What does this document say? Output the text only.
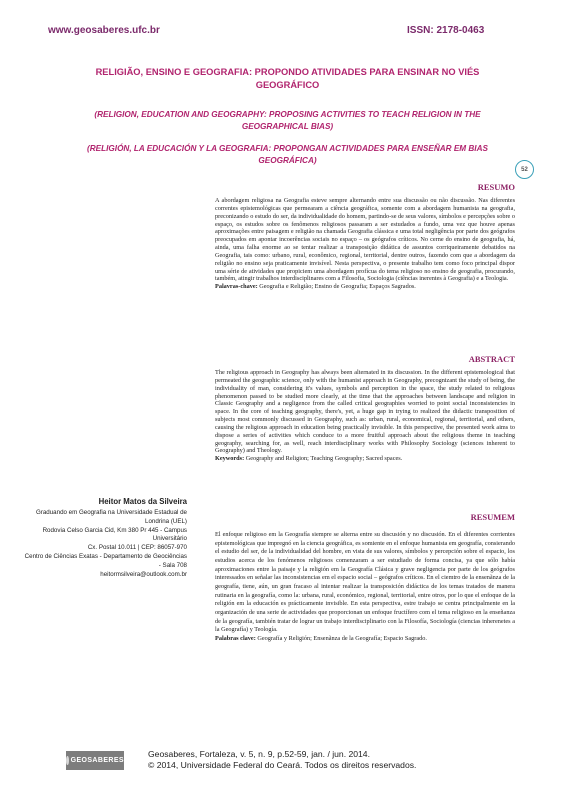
www.geosaberes.ufc.br	ISSN: 2178-0463
RELIGIÃO, ENSINO E GEOGRAFIA: PROPONDO ATIVIDADES PARA ENSINAR NO VIÉS GEOGRÁFICO
(RELIGION, EDUCATION AND GEOGRAPHY: PROPOSING ACTIVITIES TO TEACH RELIGION IN THE GEOGRAPHICAL BIAS)
(RELIGIÓN, LA EDUCACIÓN Y LA GEOGRAFIA: PROPONGAN ACTIVIDADES PARA ENSEÑAR EM BIAS GEOGRÁFICA)
52
RESUMO
A abordagem religiosa na Geografia esteve sempre alternando entre sua discussão ou não discussão. Nas diferentes correntes epistemológicas que permearam a ciência geográfica, somente com a abordagem humanista na geografia, preconizando o estudo do ser, da individualidade do homem, partindo-se de seus valores, símbolos e percepções sobre o espaço, os estudos sobre os fenômenos religiosos passaram a ser estudados a fundo, uma vez que houve apenas aproximações entre paisagem e religião na chamada Geografia clássica e uma total negligência por parte dos geógrafos preocupados em apontar incoerências sociais no espaço – os geógrafos críticos. No cerne do ensino de geografia, há, ainda, uma falha enorme ao se tentar realizar a transposição didática de assuntos corriqueiramente debatidos na Geografia, tais como: urbano, rural, econômico, regional, territorial, dentre outros, fazendo com que a abordagem da religião no ensino seja praticamente invisível. Nesta perspectiva, o presente trabalho tem como foco principal dispor uma série de atividades que propiciem uma abordagem profícua do tema religioso no ensino de geografia, procurando, também, atingir trabalhos interdisciplinares com a Filosofia, Sociologia (ciências inerentes à Geografia) e a Teologia.
Palavras-chave: Geografia e Religião; Ensino de Geografia; Espaços Sagrados.
ABSTRACT
The religious approach in Geography has always been alternated in its discussion. In the different epistemological that permeated the geographic science, only with the humanist approach in Geography, precognizant the study of being, the individuality of man, considering it's values, symbols and perception in the space, the study related to religious phenomenon passed to be studied more clearly, at the time that the approaches between landscape and religion in Classic Geography and a negligence from the called critical geographies worried to point social inconsistencies in space. In the core of teaching geography, there's, yet, a huge gap in trying to realized the didactic transposition of subjects most commonly discussed in Geography, such as: urban, rural, economical, regional, territorial, and others, causing the religious approach in education being practically invisible. In this perspective, the presented work aims to dispose a series of activities which conduce to a more fruitful approach about the religious theme in teaching geography, searching for, as well, reach interdisciplinary works with Philosophy Sociology (sciences inherent to Geography) and Theology.
Keywords: Geography and Religion; Teaching Geography; Sacred spaces.
RESUMEM
El enfoque religioso em la Geografía siempre se alterna entre su discusión y no discusión. En el diferentes corrientes epistemológicas que impregnó en la ciencia geográfica, es somiente en el enfoque humanista em geografía, consierando el estudio del ser, de la individualidad del hombre, en vista de sus valores, símbolos y percepción sobre el espacio, los estudios acerca de los fenómenos religiosos comenzaram a ser estudiado de forma concisa, ya que sólo había aproximaciones entre la paisaje y la religión em la Geografía Clásica y grave negligencia por parte de los geógrafos interessados en señalar las inconsistencias em el espacio social – geógrafos críticos. En el ciemtro de la ensenãnza de la geografía, tiene, aún, un gran fracaso al intentar realizar la transposición didáctica de los temas tratados de manera rutinaria en la geografía, como la: urbana, rural, económico, regional, territorial, entre otros, por lo que el enfoque de la religión em la educación es prácticamente invisible. En esta perspectiva, estre trabajo se centra principalmente en la organización de una serie de actividades que proporcionan un enfoque fructífero com el tema religioso en la enseñanza de la geografía, también tratar de lograr un trabajo interdisciplinario con la Filosofía, Sociología (ciencias inherenetes a la Geografía) y Teología.
Palabras clave: Geografía y Religión; Ensenãnza de la Geografía; Espacio Sagrado.
Heitor Matos da Silveira
Graduando em Geografia na Universidade Estadual de
Londrina (UEL)
Rodovia Celso Garcia Cid, Km 380 Pr 445 - Campus
Universitário
Cx. Postal 10.011 | CEP: 86057-970
Centro de Ciências Exatas - Departamento de Geociências
- Sala 708
heitormsilveira@outlook.com.br
GEOSABERES
Geosaberes, Fortaleza, v. 5, n. 9, p.52-59, jan. / jun. 2014.
© 2014, Universidade Federal do Ceará. Todos os direitos reservados.
